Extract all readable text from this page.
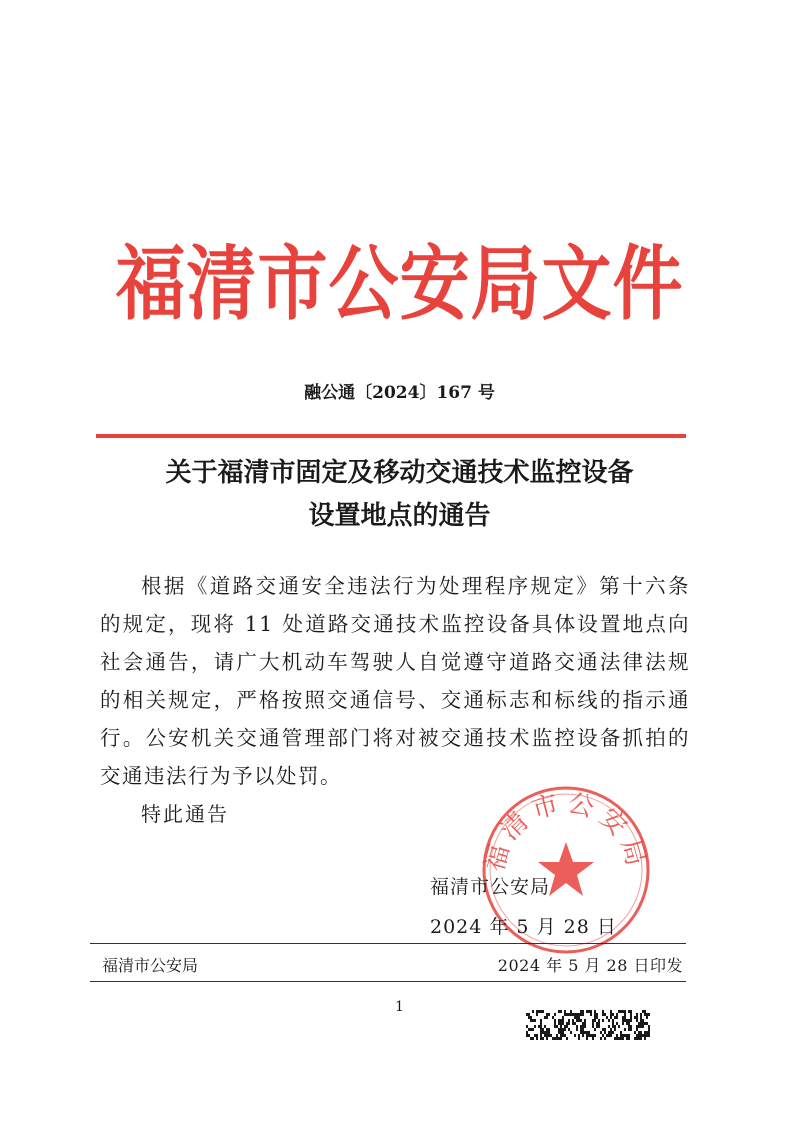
福清市公安局文件
融公通〔2024〕167 号
关于福清市固定及移动交通技术监控设备
设置地点的通告

根据《道路交通安全违法行为处理程序规定》第十六条的规定，现将 11 处道路交通技术监控设备具体设置地点向社会通告，请广大机动车驾驶人自觉遵守道路交通法律法规的相关规定，严格按照交通信号、交通标志和标线的指示通行。公安机关交通管理部门将对被交通技术监控设备抓拍的交通违法行为予以处罚。

特此通告
福清市公安局
福清市公安局
2024 年 5 月 28 日
福清市公安局	2024 年 5 月 28 日印发
1
